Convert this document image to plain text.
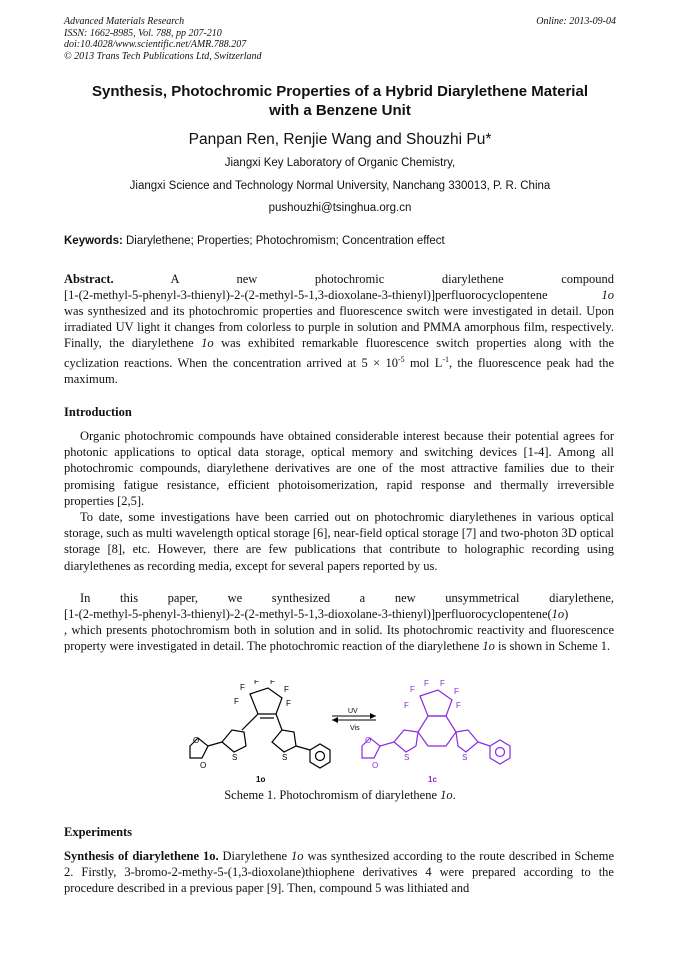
Advanced Materials Research
ISSN: 1662-8985, Vol. 788, pp 207-210
doi:10.4028/www.scientific.net/AMR.788.207
© 2013 Trans Tech Publications Ltd, Switzerland
Online: 2013-09-04
Synthesis, Photochromic Properties of a Hybrid Diarylethene Material
with a Benzene Unit
Panpan Ren, Renjie Wang and Shouzhi Pu*
Jiangxi Key Laboratory of Organic Chemistry,
Jiangxi Science and Technology Normal University, Nanchang 330013, P. R. China
pushouzhi@tsinghua.org.cn
Keywords: Diarylethene; Properties; Photochromism; Concentration effect
Abstract.	A new photochromic diarylethene compound
[1-(2-methyl-5-phenyl-3-thienyl)-2-(2-methyl-5-1,3-dioxolane-3-thienyl)]perfluorocyclopentene	1o
was synthesized and its photochromic properties and fluorescence switch were investigated in detail. Upon irradiated UV light it changes from colorless to purple in solution and PMMA amorphous film, respectively. Finally, the diarylethene 1o was exhibited remarkable fluorescence switch properties along with the cyclization reactions. When the concentration arrived at $5 \times 10^{-5}$ mol $L^{-1}$, the fluorescence peak had the maximum.
Introduction
Organic photochromic compounds have obtained considerable interest because their potential agrees for photonic applications to optical data storage, optical memory and switching devices [1-4]. Among all photochromic compounds, diarylethene derivatives are one of the most attractive families due to their promising fatigue resistance, efficient photoisomerization, rapid response and thermally irreversible properties [2,5].
To date, some investigations have been carried out on photochromic diarylethenes in various optical storage, such as multi wavelength optical storage [6], near-field optical storage [7] and two-photon 3D optical storage [8], etc. However, there are few publications that contribute to holographic recording using diarylethenes as recording media, except for several papers reported by us.
In this paper, we synthesized a new unsymmetrical diarylethene,
[1-(2-methyl-5-phenyl-3-thienyl)-2-(2-methyl-5-1,3-dioxolane-3-thienyl)]perfluorocyclopentene(1o)
, which presents photochromism both in solution and in solid. Its photochromic reactivity and fluorescence property were investigated in detail. The photochromic reaction of the diarylethene 1o is shown in Scheme 1.
F
F F
F
F	F
S	S
O
O
1o
UV
Vis
F
F F
F
F	F
S	S
O
O
1c
Scheme 1. Photochromism of diarylethene 1o.
Experiments
Synthesis of diarylethene 1o. Diarylethene 1o was synthesized according to the route described in Scheme 2. Firstly, 3-bromo-2-methy-5-(1,3-dioxolane)thiophene derivatives 4 were prepared according to the procedure described in a previous paper [9]. Then, compound 5 was lithiated and
